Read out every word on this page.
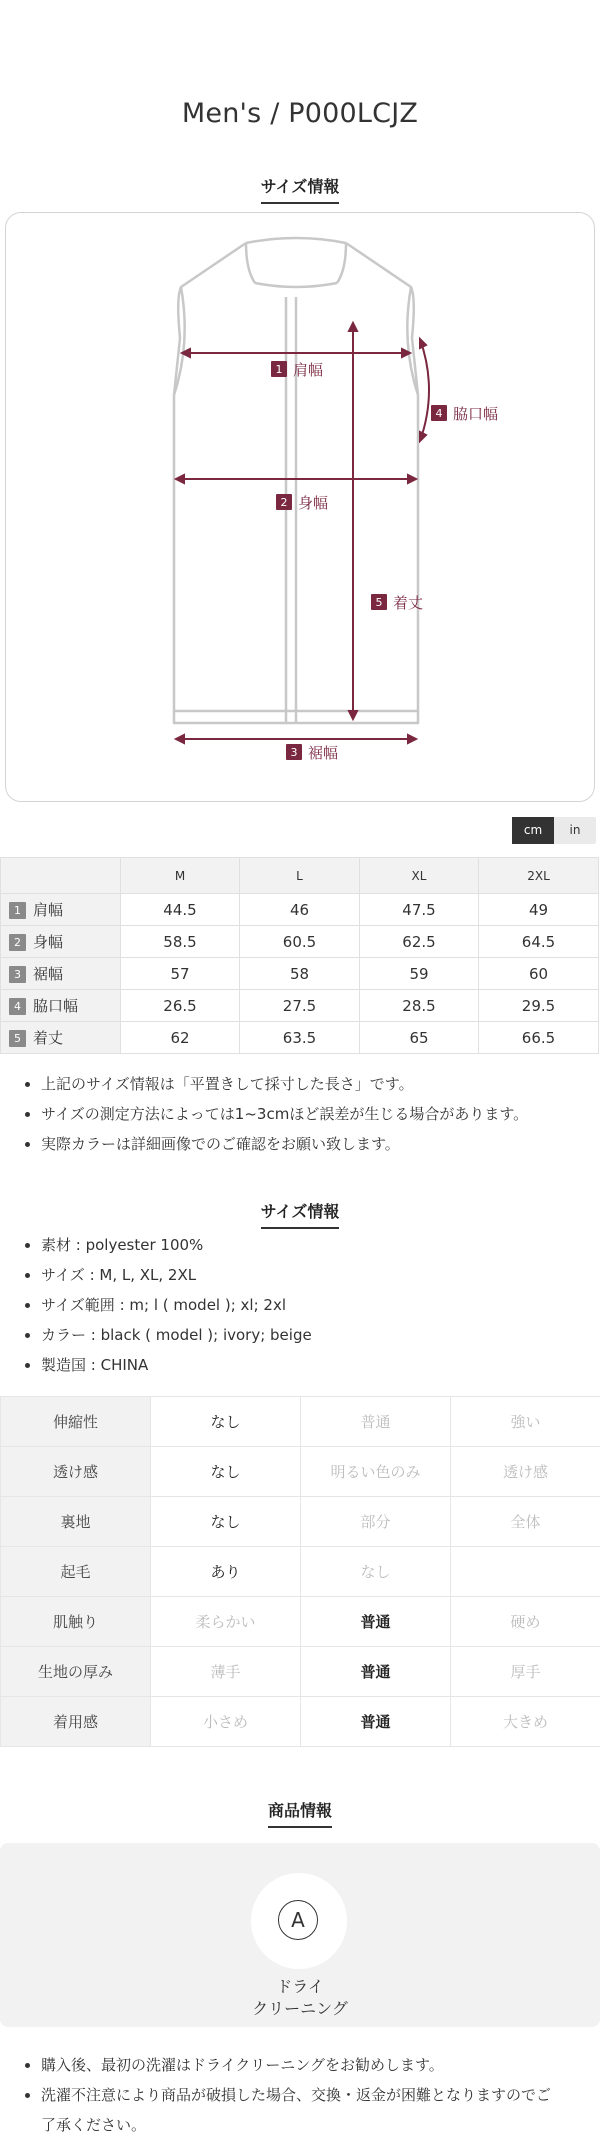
Men's / P000LCJZ
サイズ情報
1 肩幅
2 身幅
3 裾幅
4 脇口幅
5 着丈
cm	in
	M	L	XL	2XL
1 肩幅	44.5	46	47.5	49
2 身幅	58.5	60.5	62.5	64.5
3 裾幅	57	58	59	60
4 脇口幅	26.5	27.5	28.5	29.5
5 着丈	62	63.5	65	66.5
• 上記のサイズ情報は「平置きして採寸した長さ」です。
• サイズの測定方法によっては1~3cmほど誤差が生じる場合があります。
• 実際カラーは詳細画像でのご確認をお願い致します。
サイズ情報
• 素材 : polyester 100%
• サイズ : M, L, XL, 2XL
• サイズ範囲 : m; l ( model ); xl; 2xl
• カラー : black ( model ); ivory; beige
• 製造国 : CHINA
伸縮性	なし	普通	強い
透け感	なし	明るい色のみ	透け感
裏地	なし	部分	全体
起毛	あり	なし	
肌触り	柔らかい	普通	硬め
生地の厚み	薄手	普通	厚手
着用感	小さめ	普通	大きめ
商品情報
A
ドライ
クリーニング
• 購入後、最初の洗濯はドライクリーニングをお勧めします。
• 洗濯不注意により商品が破損した場合、交換・返金が困難となりますのでご了承ください。
